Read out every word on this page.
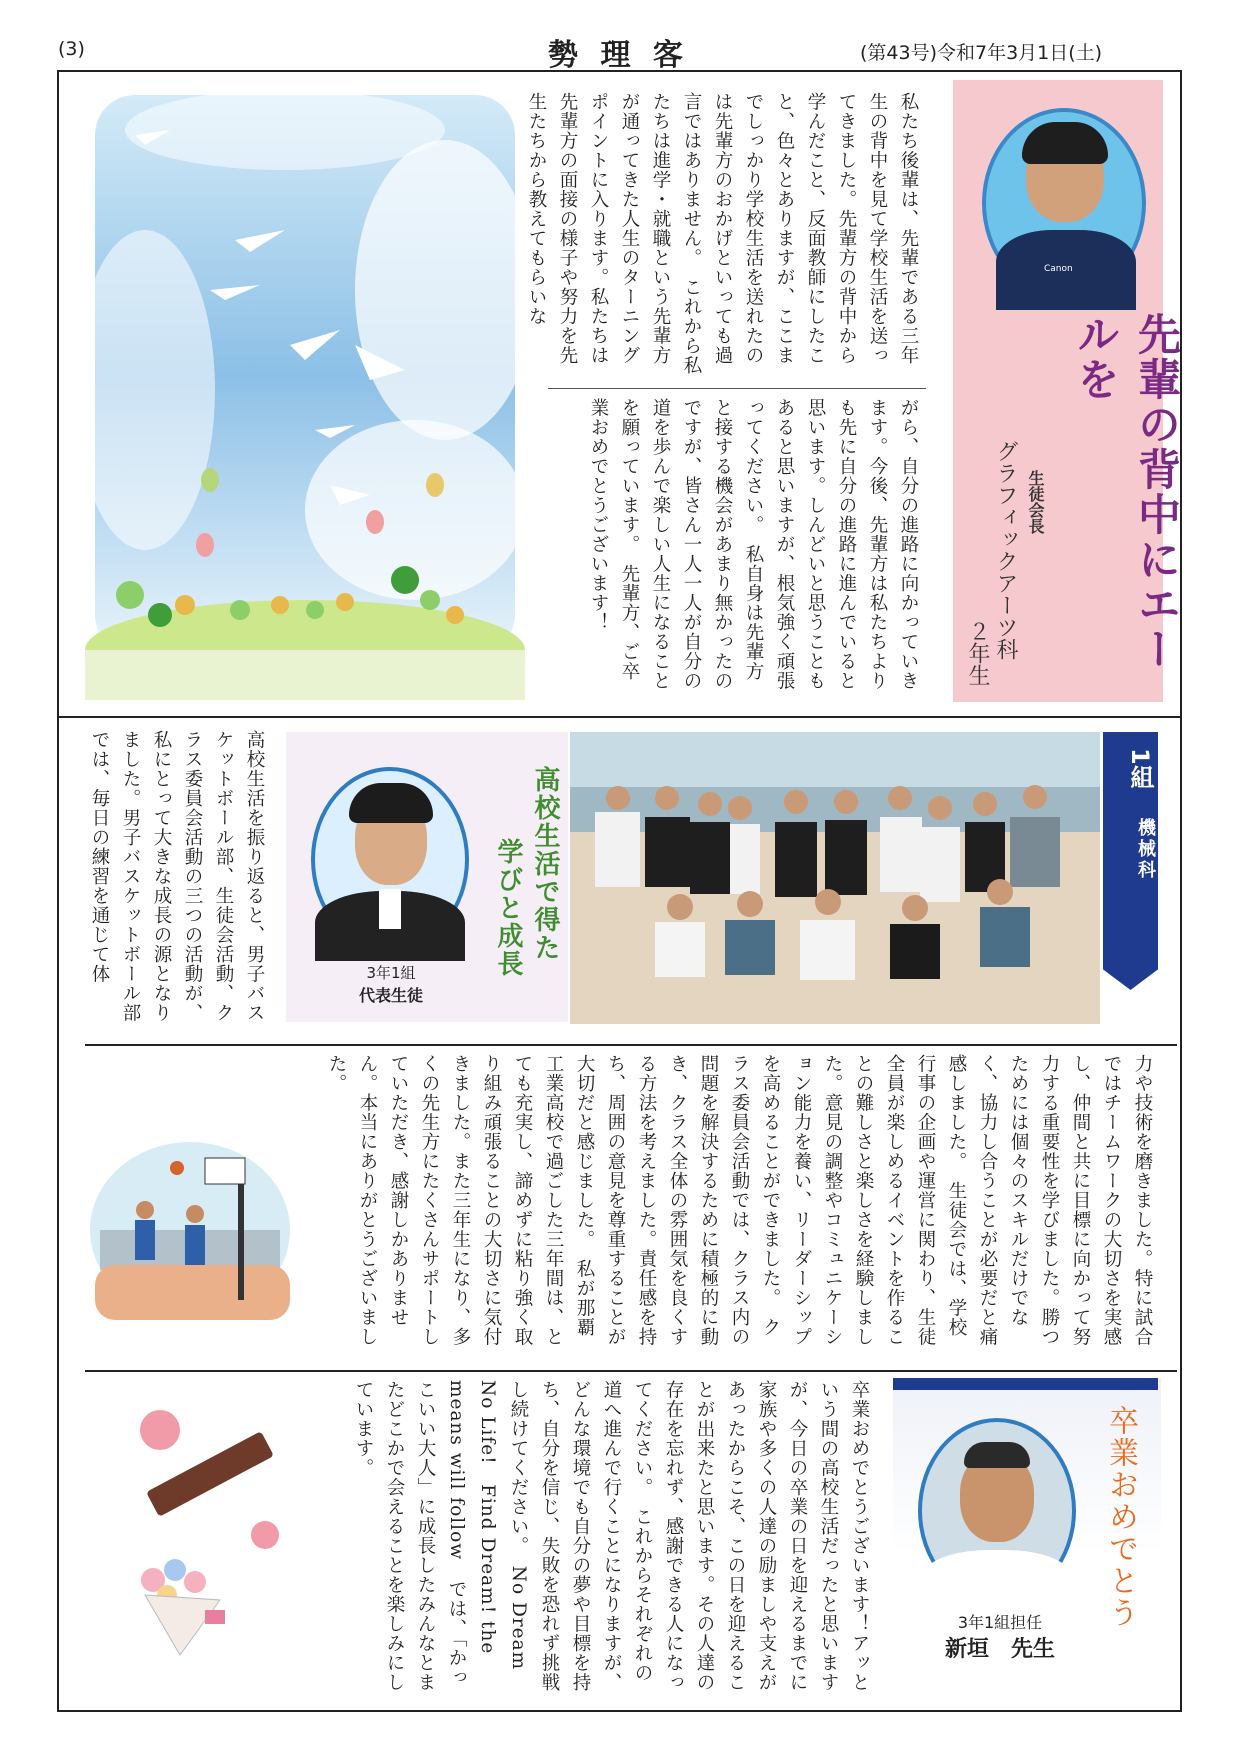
(3)	勢 理 客	(第43号)令和7年3月1日(土)
私たち後輩は、先輩である三年生の背中を見て学校生活を送ってきました。先輩方の背中から学んだこと、反面教師にしたこと、色々とありますが、ここまでしっかり学校生活を送れたのは先輩方のおかげといっても過言ではありません。　これから私たちは進学・就職という先輩方が通ってきた人生のターニングポイントに入ります。私たちは先輩方の面接の様子や努力を先生たちから教えてもらいな
がら、自分の進路に向かっていきます。今後、先輩方は私たちよりも先に自分の進路に進んでいると思います。しんどいと思うこともあると思いますが、根気強く頑張ってください。　私自身は先輩方と接する機会があまり無かったのですが、皆さん一人一人が自分の道を歩んで楽しい人生になることを願っています。　先輩方、ご卒業おめでとうございます！
Canon
先輩の背中にエールを
生徒会長
グラフィックアーツ科
２年生
高校生活を振り返ると、男子バスケットボール部、生徒会活動、クラス委員会活動の三つの活動が、私にとって大きな成長の源となりました。男子バスケットボール部では、毎日の練習を通じて体	3年1組
代表生徒
高校生活で得た
学びと成長
1組
機械科
力や技術を磨きました。特に試合ではチームワークの大切さを実感し、仲間と共に目標に向かって努力する重要性を学びました。勝つためには個々のスキルだけでなく、協力し合うことが必要だと痛感しました。　生徒会では、学校行事の企画や運営に関わり、生徒全員が楽しめるイベントを作ることの難しさと楽しさを経験しました。意見の調整やコミュニケーション能力を養い、リーダーシップを高めることができました。　クラス委員会活動では、クラス内の問題を解決するために積極的に動き、クラス全体の雰囲気を良くする方法を考えました。責任感を持ち、周囲の意見を尊重することが大切だと感じました。　私が那覇工業高校で過ごした三年間は、とても充実し、諦めずに粘り強く取り組み頑張ることの大切さに気付きました。また三年生になり、多くの先生方にたくさんサポートしていただき、感謝しかありません。本当にありがとうございました。
卒業おめでとうございます！アッという間の高校生活だったと思いますが、今日の卒業の日を迎えるまでに家族や多くの人達の励ましや支えがあったからこそ、この日を迎えることが出来たと思います。その人達の存在を忘れず、感謝できる人になってください。　これからそれぞれの道へ進んで行くことになりますが、どんな環境でも自分の夢や目標を持ち、自分を信じ、失敗を恐れず挑戦し続けてください。　No Dream No Life!　Find Dream! the means will follow　では、「かっこいい大人」に成長したみんなとまたどこかで会えることを楽しみにしています。	卒業おめでとう
3年1組担任
新垣　先生
